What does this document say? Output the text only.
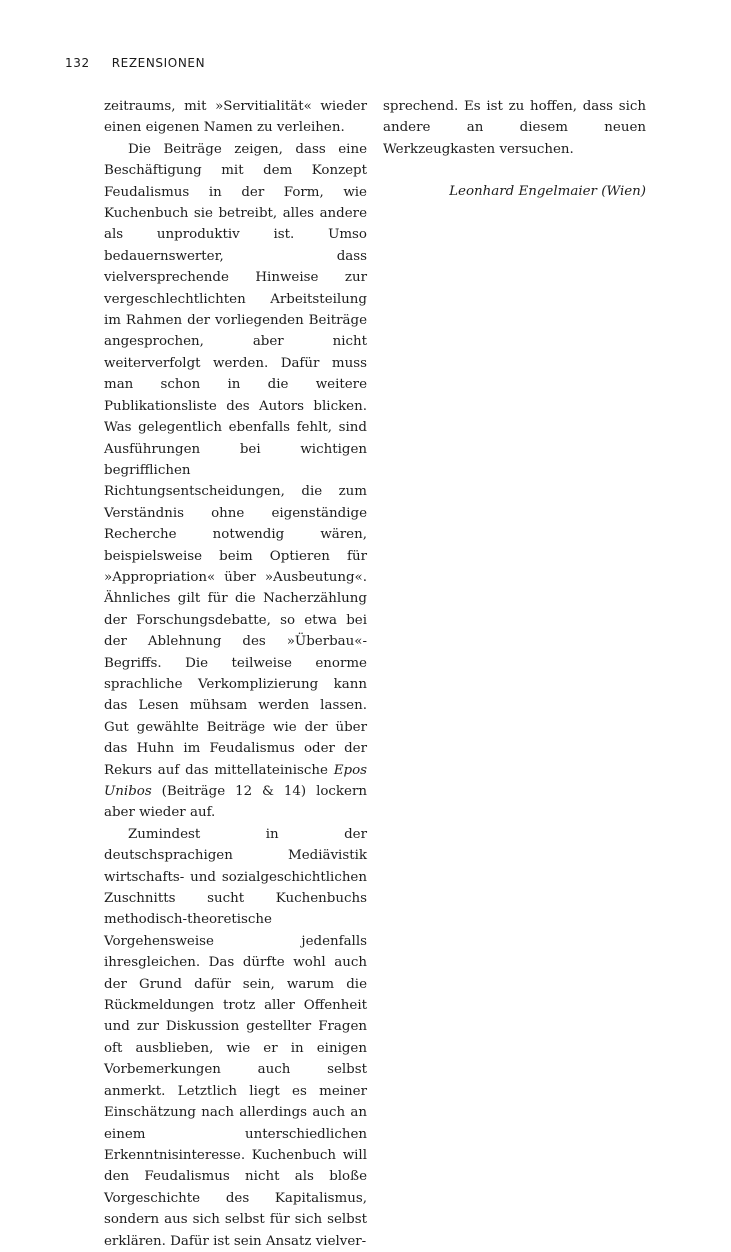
132 REZENSIONEN

zeitraums, mit »Servitialität« wieder einen eigenen Namen zu verleihen.

Die Beiträge zeigen, dass eine Beschäftigung mit dem Konzept Feudalismus in der Form, wie Kuchenbuch sie betreibt, alles andere als unproduktiv ist. Umso bedauernswerter, dass vielversprechende Hinweise zur vergeschlechtlichten Arbeitsteilung im Rahmen der vorliegenden Beiträge angesprochen, aber nicht weiterverfolgt werden. Dafür muss man schon in die weitere Publikationsliste des Autors blicken. Was gelegentlich ebenfalls fehlt, sind Ausführungen bei wichtigen begrifflichen Richtungsentscheidungen, die zum Verständnis ohne eigenständige Recherche notwendig wären, beispielsweise beim Optieren für »Appropriation« über »Ausbeutung«. Ähnliches gilt für die Nacherzählung der Forschungsdebatte, so etwa bei der Ablehnung des »Überbau«-Begriffs. Die teilweise enorme sprachliche Verkomplizierung kann das Lesen mühsam werden lassen. Gut gewählte Beiträge wie der über das Huhn im Feudalismus oder der Rekurs auf das mittellateinische Epos Unibos (Beiträge 12 & 14) lockern aber wieder auf.

Zumindest in der deutschsprachigen Mediävistik wirtschafts- und sozialgeschichtlichen Zuschnitts sucht Kuchenbuchs methodisch-theoretische Vorgehensweise jedenfalls ihresgleichen. Das dürfte wohl auch der Grund dafür sein, warum die Rückmeldungen trotz aller Offenheit und zur Diskussion gestellter Fragen oft ausblieben, wie er in einigen Vorbemerkungen auch selbst anmerkt. Letztlich liegt es meiner Einschätzung nach allerdings auch an einem unterschiedlichen Erkenntnisinteresse. Kuchenbuch will den Feudalismus nicht als bloße Vorgeschichte des Kapitalismus, sondern aus sich selbst für sich selbst erklären. Dafür ist sein Ansatz vielver-

sprechend. Es ist zu hoffen, dass sich andere an diesem neuen Werkzeugkasten versuchen.

Leonhard Engelmaier (Wien)
